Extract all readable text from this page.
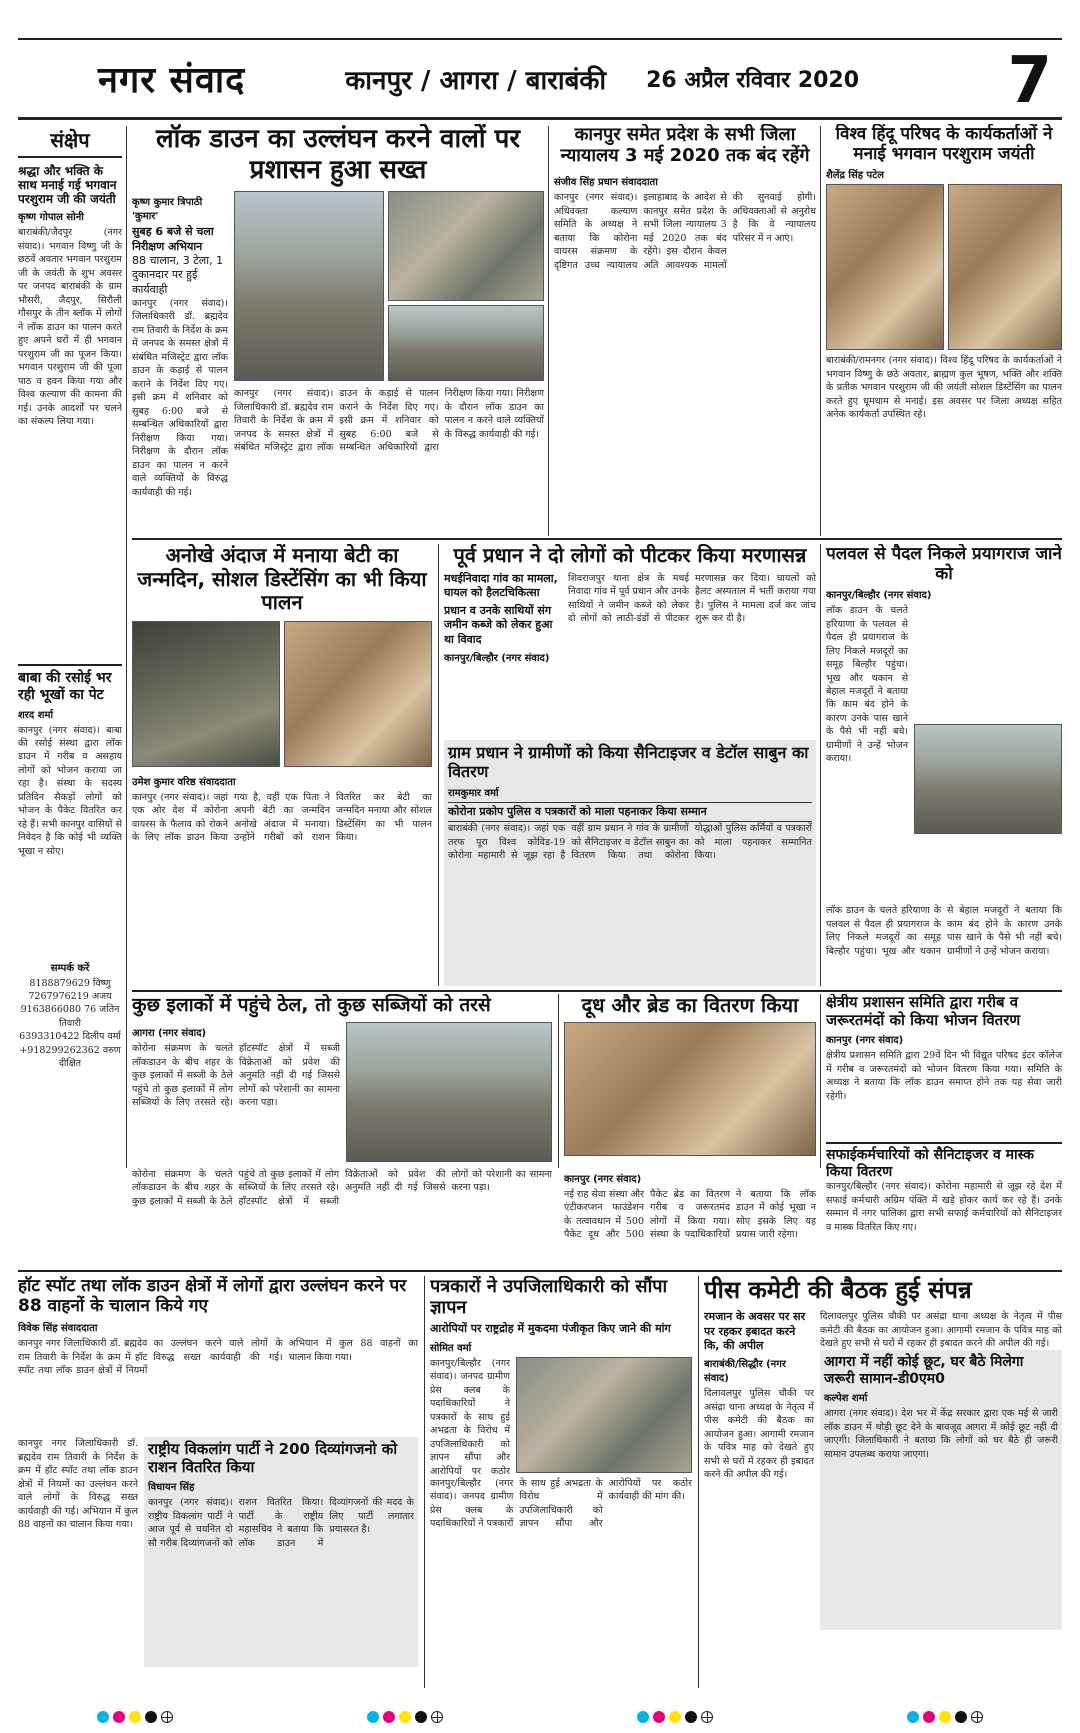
नगर संवाद	कानपुर / आगरा / बाराबंकी 26 अप्रैल रविवार 2020 7
संक्षेप
श्रद्धा और भक्ति के साथ मनाई गई भगवान परशुराम जी की जयंती
कृष्ण गोपाल सोनी
बाराबंकी/जैदपुर (नगर संवाद)। भगवान विष्णु जी के छठवें अवतार भगवान परशुराम जी के जयंती के शुभ अवसर पर जनपद बाराबंकी के ग्राम भौसरी, जैदपुर, सिरौली गौसपुर के तीन ब्लॉक में लोगों ने लॉक डाउन का पालन करते हुए अपने घरों में ही भगवान परशुराम जी का पूजन किया। भगवान परशुराम जी की पूजा पाठ व हवन किया गया और विश्व कल्याण की कामना की गई। उनके आदर्शों पर चलने का संकल्प लिया गया।
बाबा की रसोई भर रही भूखों का पेट
शरद शर्मा
कानपुर (नगर संवाद)। बाबा की रसोई संस्था द्वारा लॉक डाउन में गरीब व असहाय लोगों को भोजन कराया जा रहा है। संस्था के सदस्य प्रतिदिन सैकड़ों लोगों को भोजन के पैकेट वितरित कर रहे हैं। सभी कानपुर वासियों से निवेदन है कि कोई भी व्यक्ति भूखा न सोए।
सम्पर्क करें
8188879629 विष्णु
7267976219 अजय
9163866080 76 जतिन तिवारी
6393310422 दिलीप वर्मा
+918299262362 वरुण दीक्षित
लॉक डाउन का उल्लंघन करने वालों पर प्रशासन हुआ सख्त
कृष्ण कुमार त्रिपाठी 'कुमार'
सुबह 6 बजे से चला निरीक्षण अभियान
88 चालान, 3 टेला, 1 दुकानदार पर हुई कार्यवाही
कानपुर (नगर संवाद)। जिलाधिकारी डॉ. ब्रह्मदेव राम तिवारी के निर्देश के क्रम में जनपद के समस्त क्षेत्रों में संबंधित मजिस्ट्रेट द्वारा लॉक डाउन के कड़ाई से पालन कराने के निर्देश दिए गए। इसी क्रम में शनिवार को सुबह 6:00 बजे से सम्बन्धित अधिकारियों द्वारा निरीक्षण किया गया। निरीक्षण के दौरान लॉक डाउन का पालन न करने वाले व्यक्तियों के विरुद्ध कार्यवाही की गई।
कानपुर (नगर संवाद)। जिलाधिकारी डॉ. ब्रह्मदेव राम तिवारी के निर्देश के क्रम में जनपद के समस्त क्षेत्रों में संबंधित मजिस्ट्रेट द्वारा लॉक डाउन के कड़ाई से पालन कराने के निर्देश दिए गए। इसी क्रम में शनिवार को सुबह 6:00 बजे से सम्बन्धित अधिकारियों द्वारा निरीक्षण किया गया। निरीक्षण के दौरान लॉक डाउन का पालन न करने वाले व्यक्तियों के विरुद्ध कार्यवाही की गई।
कानपुर समेत प्रदेश के सभी जिला न्यायालय 3 मई 2020 तक बंद रहेंगे
संजीव सिंह प्रधान संवाददाता
कानपुर (नगर संवाद)। अधिवक्ता कल्याण समिति के अध्यक्ष ने बताया कि कोरोना वायरस संक्रमण के दृष्टिगत उच्च न्यायालय इलाहाबाद के आदेश से कानपुर समेत प्रदेश के सभी जिला न्यायालय 3 मई 2020 तक बंद रहेंगे। इस दौरान केवल अति आवश्यक मामलों की सुनवाई होगी। अधिवक्ताओं से अनुरोध है कि वे न्यायालय परिसर में न आएं।
विश्व हिंदू परिषद के कार्यकर्ताओं ने मनाई भगवान परशुराम जयंती
शैलेंद्र सिंह पटेल
बाराबंकी/रामनगर (नगर संवाद)। विश्व हिंदू परिषद के कार्यकर्ताओं ने भगवान विष्णु के छठे अवतार, ब्राह्मण कुल भूषण, भक्ति और शक्ति के प्रतीक भगवान परशुराम जी की जयंती सोशल डिस्टेंसिंग का पालन करते हुए धूमधाम से मनाई। इस अवसर पर जिला अध्यक्ष सहित अनेक कार्यकर्ता उपस्थित रहे।
अनोखे अंदाज में मनाया बेटी का जन्मदिन, सोशल डिस्टेंसिंग का भी किया पालन
उमेश कुमार वरिष्ठ संवाददाता
कानपुर (नगर संवाद)। जहां एक ओर देश में कोरोना वायरस के फैलाव को रोकने के लिए लॉक डाउन किया गया है, वहीं एक पिता ने अपनी बेटी का जन्मदिन अनोखे अंदाज में मनाया। उन्होंने गरीबों को राशन वितरित कर बेटी का जन्मदिन मनाया और सोशल डिस्टेंसिंग का भी पालन किया।
पूर्व प्रधान ने दो लोगों को पीटकर किया मरणासन्न
मधईनिवादा गांव का मामला, घायल को हैलटचिकित्सा
प्रधान व उनके साथियों संग जमीन कब्जे को लेकर हुआ था विवाद
कानपुर/बिल्हौर (नगर संवाद)
शिवराजपुर थाना क्षेत्र के मधई निवादा गांव में पूर्व प्रधान और उनके साथियों ने जमीन कब्जे को लेकर दो लोगों को लाठी-डंडों से पीटकर मरणासन्न कर दिया। घायलों को हैलट अस्पताल में भर्ती कराया गया है। पुलिस ने मामला दर्ज कर जांच शुरू कर दी है।
ग्राम प्रधान ने ग्रामीणों को किया सैनिटाइजर व डेटॉल साबुन का वितरण
रामकुमार वर्मा
कोरोना प्रकोप पुलिस व पत्रकारों को माला पहनाकर किया सम्मान
बाराबंकी (नगर संवाद)। जहां एक तरफ पूरा विश्व कोविड-19 कोरोना महामारी से जूझ रहा है वहीं ग्राम प्रधान ने गांव के ग्रामीणों को सैनिटाइजर व डेटॉल साबुन का वितरण किया तथा कोरोना योद्धाओं पुलिस कर्मियों व पत्रकारों को माला पहनाकर सम्मानित किया।
पलवल से पैदल निकले प्रयागराज जाने को
कानपुर/बिल्हौर (नगर संवाद)
लॉक डाउन के चलते हरियाणा के पलवल से पैदल ही प्रयागराज के लिए निकले मजदूरों का समूह बिल्हौर पहुंचा। भूख और थकान से बेहाल मजदूरों ने बताया कि काम बंद होने के कारण उनके पास खाने के पैसे भी नहीं बचे। ग्रामीणों ने उन्हें भोजन कराया।
लॉक डाउन के चलते हरियाणा के पलवल से पैदल ही प्रयागराज के लिए निकले मजदूरों का समूह बिल्हौर पहुंचा। भूख और थकान से बेहाल मजदूरों ने बताया कि काम बंद होने के कारण उनके पास खाने के पैसे भी नहीं बचे। ग्रामीणों ने उन्हें भोजन कराया।
कुछ इलाकों में पहुंचे ठेल, तो कुछ सब्जियों को तरसे
आगरा (नगर संवाद)
कोरोना संक्रमण के चलते लॉकडाउन के बीच शहर के कुछ इलाकों में सब्जी के ठेले पहुंचे तो कुछ इलाकों में लोग सब्जियों के लिए तरसते रहे। हॉटस्पॉट क्षेत्रों में सब्जी विक्रेताओं को प्रवेश की अनुमति नहीं दी गई जिससे लोगों को परेशानी का सामना करना पड़ा।
दूध और ब्रेड का वितरण किया	क्षेत्रीय प्रशासन समिति द्वारा गरीब व जरूरतमंदों को किया भोजन वितरण
कानपुर (नगर संवाद)
क्षेत्रीय प्रशासन समिति द्वारा 29वें दिन भी विद्युत परिषद इंटर कॉलेज में गरीब व जरूरतमंदों को भोजन वितरण किया गया। समिति के अध्यक्ष ने बताया कि लॉक डाउन समाप्त होने तक यह सेवा जारी रहेगी।
सफाईकर्मचारियों को सैनिटाइजर व मास्क किया वितरण
कानपुर/बिल्हौर (नगर संवाद)। कोरोना महामारी से जूझ रहे देश में सफाई कर्मचारी अग्रिम पंक्ति में खड़े होकर कार्य कर रहे हैं। उनके सम्मान में नगर पालिका द्वारा सभी सफाई कर्मचारियों को सैनिटाइजर व मास्क वितरित किए गए।
कानपुर (नगर संवाद)
नई राह सेवा संस्था और एंटीकरप्शन फाउंडेशन के तत्वावधान में 500 पैकेट दूध और 500 पैकेट ब्रेड का वितरण गरीब व जरूरतमंद लोगों में किया गया। संस्था के पदाधिकारियों ने बताया कि लॉक डाउन में कोई भूखा न सोए इसके लिए यह प्रयास जारी रहेगा।
कोरोना संक्रमण के चलते लॉकडाउन के बीच शहर के कुछ इलाकों में सब्जी के ठेले पहुंचे तो कुछ इलाकों में लोग सब्जियों के लिए तरसते रहे। हॉटस्पॉट क्षेत्रों में सब्जी विक्रेताओं को प्रवेश की अनुमति नहीं दी गई जिससे लोगों को परेशानी का सामना करना पड़ा।
हॉट स्पॉट तथा लॉक डाउन क्षेत्रों में लोगों द्वारा उल्लंघन करने पर 88 वाहनों के चालान किये गए
विवेक सिंह संवाददाता
कानपुर नगर जिलाधिकारी डॉ. ब्रह्मदेव राम तिवारी के निर्देश के क्रम में हॉट स्पॉट तथा लॉक डाउन क्षेत्रों में नियमों का उल्लंघन करने वाले लोगों के विरुद्ध सख्त कार्यवाही की गई। अभियान में कुल 88 वाहनों का चालान किया गया।
कानपुर नगर जिलाधिकारी डॉ. ब्रह्मदेव राम तिवारी के निर्देश के क्रम में हॉट स्पॉट तथा लॉक डाउन क्षेत्रों में नियमों का उल्लंघन करने वाले लोगों के विरुद्ध सख्त कार्यवाही की गई। अभियान में कुल 88 वाहनों का चालान किया गया।
राष्ट्रीय विकलांग पार्टी ने 200 दिव्यांगजनो को राशन वितरित किया
विधायन सिंह
कानपुर (नगर संवाद)। राष्ट्रीय विकलांग पार्टी ने आज पूर्व से चयनित दो सौ गरीब दिव्यांगजनों को राशन वितरित किया। पार्टी के राष्ट्रीय महासचिव ने बताया कि लॉक डाउन में दिव्यांगजनों की मदद के लिए पार्टी लगातार प्रयासरत है।
पत्रकारों ने उपजिलाधिकारी को सौंपा ज्ञापन
आरोपियों पर राष्ट्रद्रोह में मुकदमा पंजीकृत किए जाने की मांग
सोमित वर्मा
कानपुर/बिल्हौर (नगर संवाद)। जनपद ग्रामीण प्रेस क्लब के पदाधिकारियों ने पत्रकारों के साथ हुई अभद्रता के विरोध में उपजिलाधिकारी को ज्ञापन सौंपा और आरोपियों पर कठोर
कानपुर/बिल्हौर (नगर संवाद)। जनपद ग्रामीण प्रेस क्लब के पदाधिकारियों ने पत्रकारों के साथ हुई अभद्रता के विरोध में उपजिलाधिकारी को ज्ञापन सौंपा और आरोपियों पर कठोर कार्यवाही की मांग की।
पीस कमेटी की बैठक हुई संपन्न
रमजान के अवसर पर सर पर रहकर इबादत करने कि, की अपील
बाराबंकी/सिद्धौर (नगर संवाद)
दिलावलपुर पुलिस चौकी पर असंद्रा थाना अध्यक्ष के नेतृत्व में पीस कमेटी की बैठक का आयोजन हुआ। आगामी रमजान के पवित्र माह को देखते हुए सभी से घरों में रहकर ही इबादत करने की अपील की गई।
दिलावलपुर पुलिस चौकी पर असंद्रा थाना अध्यक्ष के नेतृत्व में पीस कमेटी की बैठक का आयोजन हुआ। आगामी रमजान के पवित्र माह को देखते हुए सभी से घरों में रहकर ही इबादत करने की अपील की गई।
आगरा में नहीं कोई छूट, घर बैठे मिलेगा जरूरी सामान-डी0एम0
कल्पेश शर्मा
आगरा (नगर संवाद)। देश भर में केंद्र सरकार द्वारा एक मई से जारी लॉक डाउन में थोड़ी छूट देने के बावजूद आगरा में कोई छूट नहीं दी जाएगी। जिलाधिकारी ने बताया कि लोगों को घर बैठे ही जरूरी सामान उपलब्ध कराया जाएगा।
